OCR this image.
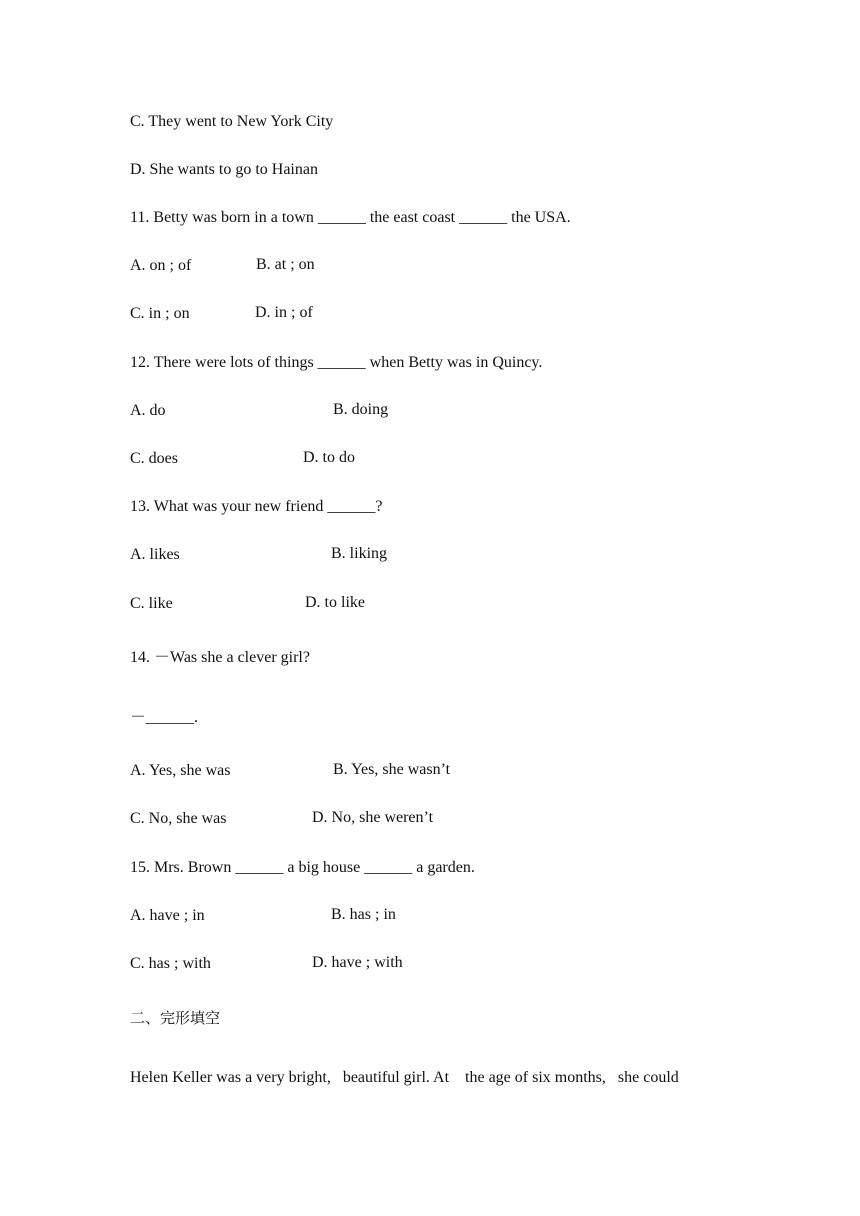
C. They went to New York City
D. She wants to go to Hainan
11. Betty was born in a town ______ the east coast ______ the USA.
A. on ; of	B. at ; on
C. in ; on	D. in ; of
12. There were lots of things ______ when Betty was in Quincy.
A. do	B. doing
C. does	D. to do
13. What was your new friend ______?
A. likes	B. liking
C. like	D. to like
14. －Was she a clever girl?
－______.
A. Yes, she was	B. Yes, she wasn’t
C. No, she was	D. No, she weren’t
15. Mrs. Brown ______ a big house ______ a garden.
A. have ; in	B. has ; in
C. has ; with	D. have ; with
二、完形填空
Helen Keller was a very bright,   beautiful girl. At    the age of six months,   she could
